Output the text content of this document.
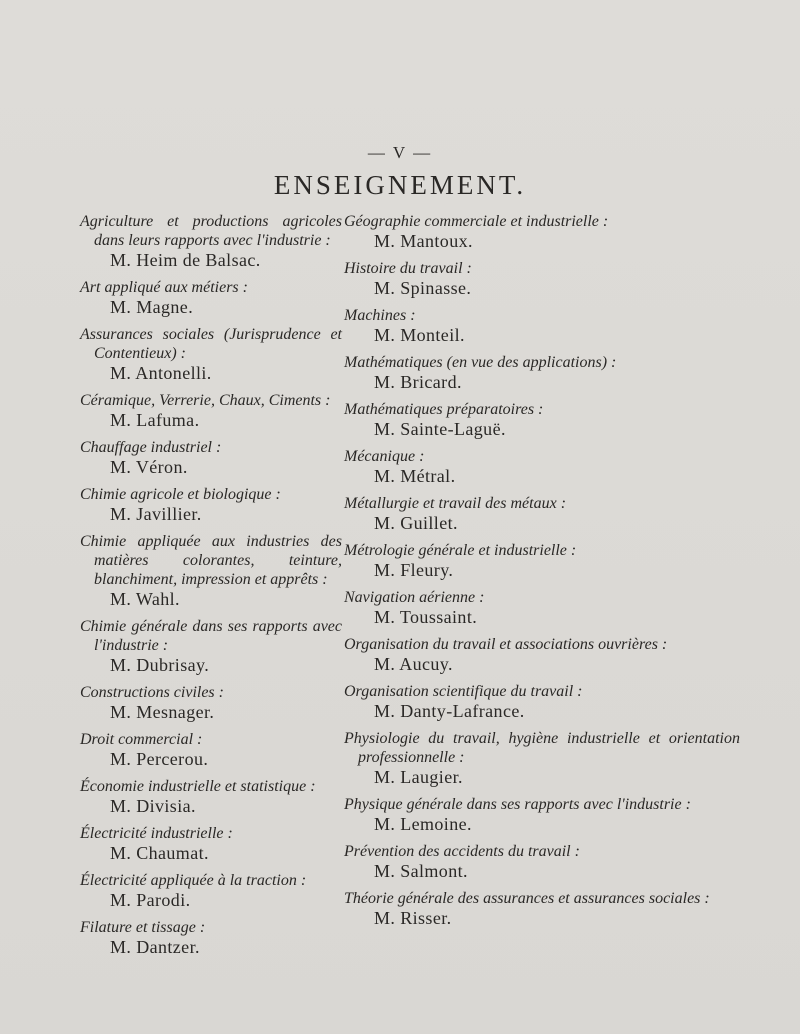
— V —
ENSEIGNEMENT.
Agriculture et productions agricoles dans leurs rapports avec l'industrie :
M. Heim de Balsac.
Art appliqué aux métiers :
M. Magne.
Assurances sociales (Jurisprudence et Contentieux) :
M. Antonelli.
Céramique, Verrerie, Chaux, Ciments :
M. Lafuma.
Chauffage industriel :
M. Véron.
Chimie agricole et biologique :
M. Javillier.
Chimie appliquée aux industries des matières colorantes, teinture, blanchiment, impression et apprêts :
M. Wahl.
Chimie générale dans ses rapports avec l'industrie :
M. Dubrisay.
Constructions civiles :
M. Mesnager.
Droit commercial :
M. Percerou.
Économie industrielle et statistique :
M. Divisia.
Électricité industrielle :
M. Chaumat.
Électricité appliquée à la traction :
M. Parodi.
Filature et tissage :
M. Dantzer.
Géographie commerciale et industrielle :
M. Mantoux.
Histoire du travail :
M. Spinasse.
Machines :
M. Monteil.
Mathématiques (en vue des applications) :
M. Bricard.
Mathématiques préparatoires :
M. Sainte-Laguë.
Mécanique :
M. Métral.
Métallurgie et travail des métaux :
M. Guillet.
Métrologie générale et industrielle :
M. Fleury.
Navigation aérienne :
M. Toussaint.
Organisation du travail et associations ouvrières :
M. Aucuy.
Organisation scientifique du travail :
M. Danty-Lafrance.
Physiologie du travail, hygiène industrielle et orientation professionnelle :
M. Laugier.
Physique générale dans ses rapports avec l'industrie :
M. Lemoine.
Prévention des accidents du travail :
M. Salmont.
Théorie générale des assurances et assurances sociales :
M. Risser.
